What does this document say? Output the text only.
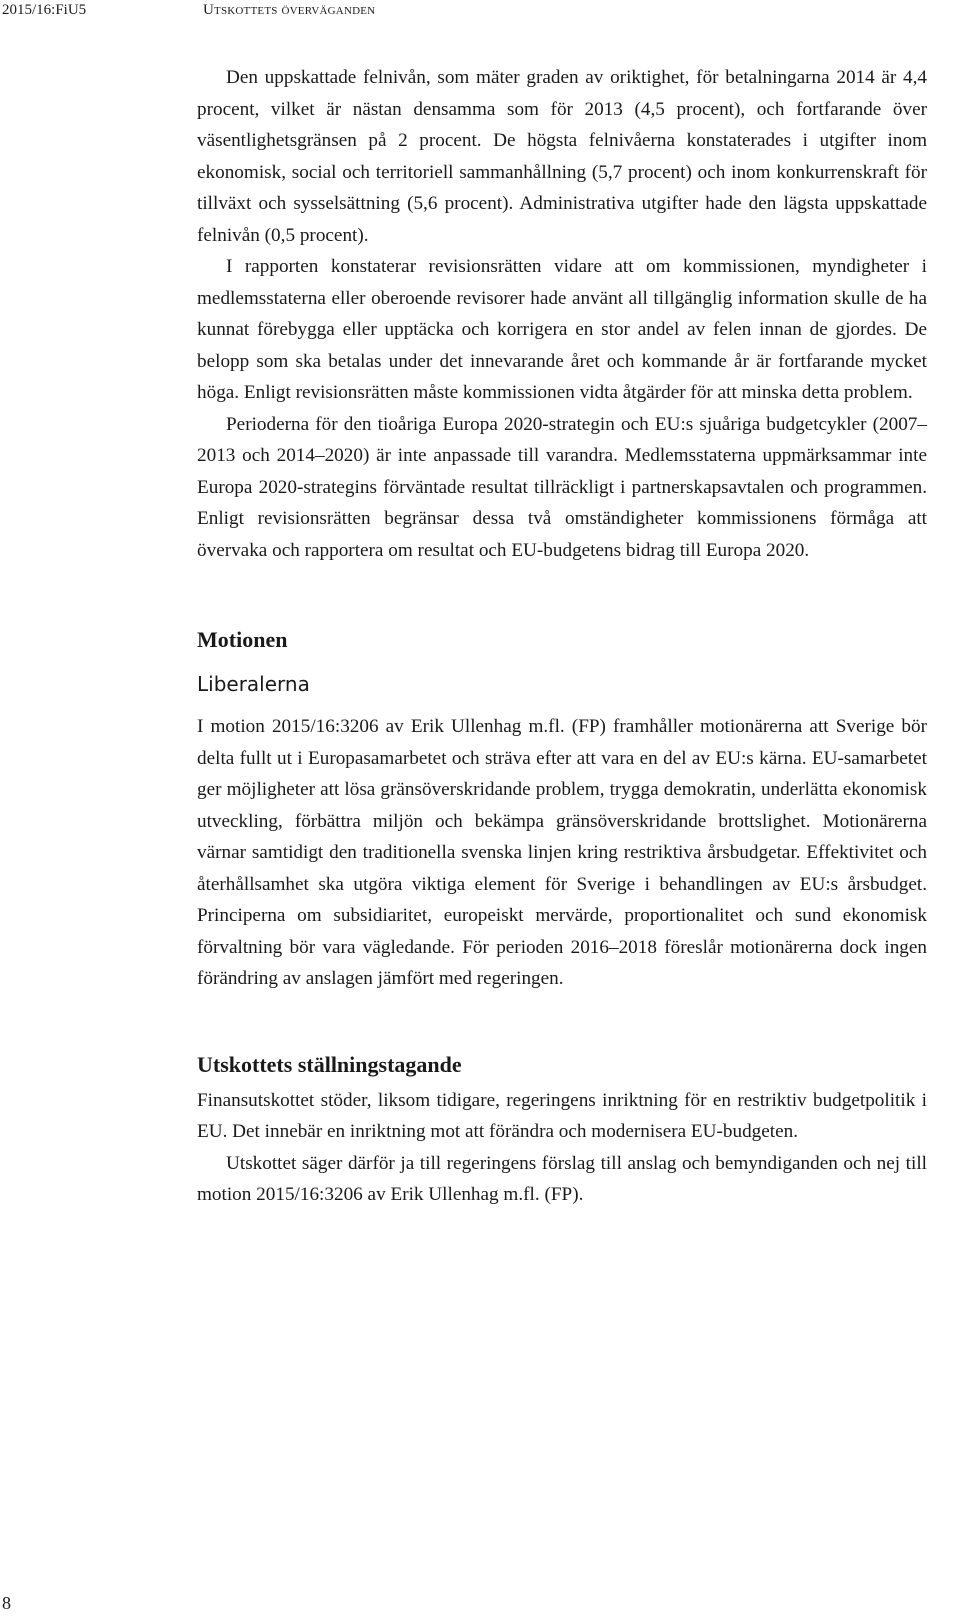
2015/16:FiU5	Utskottets överväganden

Den uppskattade felnivån, som mäter graden av oriktighet, för betalningarna 2014 är 4,4 procent, vilket är nästan densamma som för 2013 (4,5 procent), och fortfarande över väsentlighetsgränsen på 2 procent. De högsta felnivåerna konstaterades i utgifter inom ekonomisk, social och territoriell sammanhållning (5,7 procent) och inom konkurrenskraft för tillväxt och sysselsättning (5,6 procent). Administrativa utgifter hade den lägsta uppskattade felnivån (0,5 procent).

I rapporten konstaterar revisionsrätten vidare att om kommissionen, myndigheter i medlemsstaterna eller oberoende revisorer hade använt all tillgänglig information skulle de ha kunnat förebygga eller upptäcka och korrigera en stor andel av felen innan de gjordes. De belopp som ska betalas under det innevarande året och kommande år är fortfarande mycket höga. Enligt revisionsrätten måste kommissionen vidta åtgärder för att minska detta problem.

Perioderna för den tioåriga Europa 2020-strategin och EU:s sjuåriga budgetcykler (2007–2013 och 2014–2020) är inte anpassade till varandra. Medlemsstaterna uppmärksammar inte Europa 2020-strategins förväntade resultat tillräckligt i partnerskapsavtalen och programmen. Enligt revisionsrätten begränsar dessa två omständigheter kommissionens förmåga att övervaka och rapportera om resultat och EU-budgetens bidrag till Europa 2020.

Motionen
Liberalerna

I motion 2015/16:3206 av Erik Ullenhag m.fl. (FP) framhåller motionärerna att Sverige bör delta fullt ut i Europasamarbetet och sträva efter att vara en del av EU:s kärna. EU-samarbetet ger möjligheter att lösa gränsöverskridande problem, trygga demokratin, underlätta ekonomisk utveckling, förbättra miljön och bekämpa gränsöverskridande brottslighet. Motionärerna värnar samtidigt den traditionella svenska linjen kring restriktiva årsbudgetar. Effektivitet och återhållsamhet ska utgöra viktiga element för Sverige i behandlingen av EU:s årsbudget. Principerna om subsidiaritet, europeiskt mervärde, proportionalitet och sund ekonomisk förvaltning bör vara vägledande. För perioden 2016–2018 föreslår motionärerna dock ingen förändring av anslagen jämfört med regeringen.

Utskottets ställningstagande

Finansutskottet stöder, liksom tidigare, regeringens inriktning för en restriktiv budgetpolitik i EU. Det innebär en inriktning mot att förändra och modernisera EU-budgeten.

Utskottet säger därför ja till regeringens förslag till anslag och bemyndiganden och nej till motion 2015/16:3206 av Erik Ullenhag m.fl. (FP).

8
